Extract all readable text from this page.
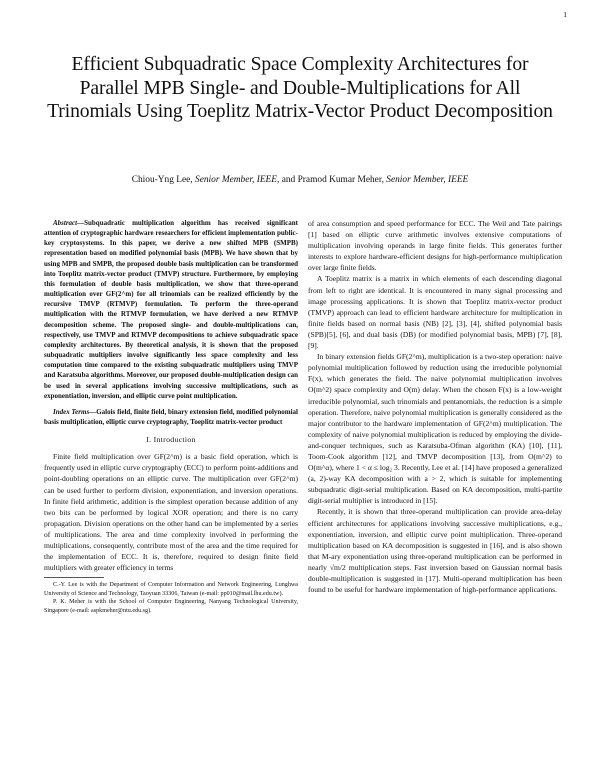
1
Efficient Subquadratic Space Complexity Architectures for Parallel MPB Single- and Double-Multiplications for All Trinomials Using Toeplitz Matrix-Vector Product Decomposition
Chiou-Yng Lee, Senior Member, IEEE, and Pramod Kumar Meher, Senior Member, IEEE

Abstract—Subquadratic multiplication algorithm has received significant attention of cryptographic hardware researchers for efficient implementation public-key cryptosystems. In this paper, we derive a new shifted MPB (SMPB) representation based on modified polynomial basis (MPB). We have shown that by using MPB and SMPB, the proposed double basis multiplication can be transformed into Toeplitz matrix-vector product (TMVP) structure. Furthermore, by employing this formulation of double basis multiplication, we show that three-operand multiplication over GF(2^m) for all trinomials can be realized efficiently by the recursive TMVP (RTMVP) formulation. To perform the three-operand multiplication with the RTMVP formulation, we have derived a new RTMVP decomposition scheme. The proposed single- and double-multiplications can, respectively, use TMVP and RTMVP decompositions to achieve subquadratic space complexity architectures. By theoretical analysis, it is shown that the proposed subquadratic multipliers involve significantly less space complexity and less computation time compared to the existing subquadratic multipliers using TMVP and Karatsuba algorithms. Moreover, our proposed double-multiplication design can be used in several applications involving successive multiplications, such as exponentiation, inversion, and elliptic curve point multiplication.

Index Terms—Galois field, finite field, binary extension field, modified polynomial basis multiplication, elliptic curve cryptography, Toeplitz matrix-vector product

I. Introduction

Finite field multiplication over GF(2^m) is a basic field operation, which is frequently used in elliptic curve cryptography (ECC) to perform point-additions and point-doubling operations on an elliptic curve. The multiplication over GF(2^m) can be used further to perform division, exponentiation, and inversion operations. In finite field arithmetic, addition is the simplest operation because addition of any two bits can be performed by logical XOR operation; and there is no carry propagation. Division operations on the other hand can be implemented by a series of multiplications. The area and time complexity involved in performing the multiplications, consequently, contribute most of the area and the time required for the implementation of ECC. It is, therefore, required to design finite field multipliers with greater efficiency in terms

C.-Y. Lee is with the Department of Computer Information and Network Engineering, Lunghwa University of Science and Technology, Taoyuan 33306, Taiwan (e-mail: pp010@mail.lhu.edu.tw).

P. K. Meher is with the School of Computer Engineering, Nanyang Technological University, Singapore (e-mail: aspkmeher@ntu.edu.sg).

of area consumption and speed performance for ECC. The Weil and Tate pairings [1] based on elliptic curve arithmetic involves extensive computations of multiplication involving operands in large finite fields. This generates further interests to explore hardware-efficient designs for high-performance multiplication over large finite fields.

A Toeplitz matrix is a matrix in which elements of each descending diagonal from left to right are identical. It is encountered in many signal processing and image processing applications. It is shown that Toeplitz matrix-vector product (TMVP) approach can lead to efficient hardware architecture for multiplication in finite fields based on normal basis (NB) [2], [3], [4], shifted polynomial basis (SPB)[5], [6], and dual basis (DB) (or modified polynomial basis, MPB) [7], [8], [9].

In binary extension fields GF(2^m), multiplication is a two-step operation: naive polynomial multiplication followed by reduction using the irreducible polynomial F(x), which generates the field. The naive polynomial multiplication involves O(m^2) space complexity and O(m) delay. When the chosen F(x) is a low-weight irreducible polynomial, such trinomials and pentanomials, the reduction is a simple operation. Therefore, naive polynomial multiplication is generally considered as the major contributor to the hardware implementation of GF(2^m) multiplication. The complexity of naive polynomial multiplication is reduced by employing the divide-and-conquer techniques, such as Karatsuba-Ofman algorithm (KA) [10], [11], Toom-Cook algorithm [12], and TMVP decomposition [13], from O(m^2) to O(m^α), where 1 < α ≤ log₂ 3. Recently, Lee et al. [14] have proposed a generalized (a, 2)-way KA decomposition with a > 2, which is suitable for implementing subquadratic digit-serial multiplication. Based on KA decomposition, multi-partite digit-serial multiplier is introduced in [15].

Recently, it is shown that three-operand multiplication can provide area-delay efficient architectures for applications involving successive multiplications, e.g., exponentiation, inversion, and elliptic curve point multiplication. Three-operand multiplication based on KA decomposition is suggested in [16], and is also shown that M-ary exponentiation using three-operand multiplication can be performed in nearly √m/2 multiplication steps. Fast inversion based on Gaussian normal basis double-multiplication is suggested in [17]. Multi-operand multiplication has been found to be useful for hardware implementation of high-performance applications.
